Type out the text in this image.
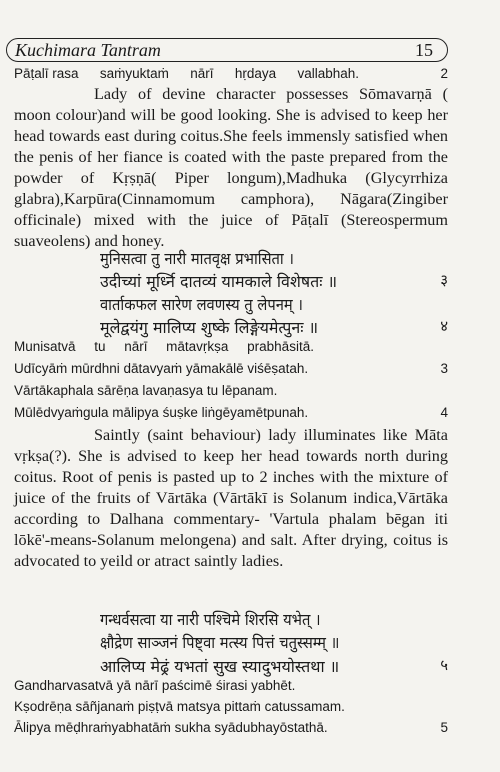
Kuchimara Tantram	15
Pāṭalī rasa saṁyuktaṁ nārī hṛdaya vallabhah.	2

Lady of devine character possesses Sōmavarṇā ( moon colour)and will be good looking. She is advised to keep her head towards east during coitus.She feels immensly satisfied when the penis of her fiance is coated with the paste prepared from the powder of Kṛṣṇā( Piper longum),Madhuka (Glycyrrhiza glabra),Karpūra(Cinnamomum camphora), Nāgara(Zingiber officinale) mixed with the juice of Pāṭalī (Stereospermum suaveolens) and honey.

मुनिसत्वा तु नारी मातवृक्ष प्रभासिता ।
उदीच्यां मूर्ध्नि दातव्यं यामकाले विशेषतः ॥	३
वार्ताकफल सारेण लवणस्य तु लेपनम् ।
मूलेद्वयंगु मालिप्य शुष्के लिङ्गेयमेत्पुनः ॥	४
Munisatvā tu nārī mātavṛkṣa prabhāsitā.
Udīcyāṁ mūrdhni dātavyaṁ yāmakālē viśēṣatah.	3
Vārtākaphala sārēṇa lavaṇasya tu lēpanam.
Mūlēdvyaṁgula mālipya śuṣke liṅgēyamētpunah.	4

Saintly (saint behaviour) lady illuminates like Māta vṛkṣa(?). She is advised to keep her head towards north during coitus. Root of penis is pasted up to 2 inches with the mixture of juice of the fruits of Vārtāka (Vārtākī is Solanum indica,Vārtāka according to Dalhana commentary- 'Vartula phalam bēgan iti lōkē'-means-Solanum melongena) and salt. After drying, coitus is advocated to yeild or atract saintly ladies.

गन्धर्वसत्वा या नारी पश्चिमे शिरसि यभेत् ।
क्षौद्रेण साञ्जनं पिष्ट्वा मत्स्य पित्तं चतुस्सम्म् ॥
आलिप्य मेढ्रं यभतां सुख स्यादुभयोस्तथा ॥	५
Gandharvasatvā yā nārī paścimē śirasi yabhēt.
Kṣodrēṇa sāñjanaṁ piṣṭvā matsya pittaṁ catussamam.
Ālipya mēḍhraṁyabhatāṁ sukha syādubhayōstathā.	5
